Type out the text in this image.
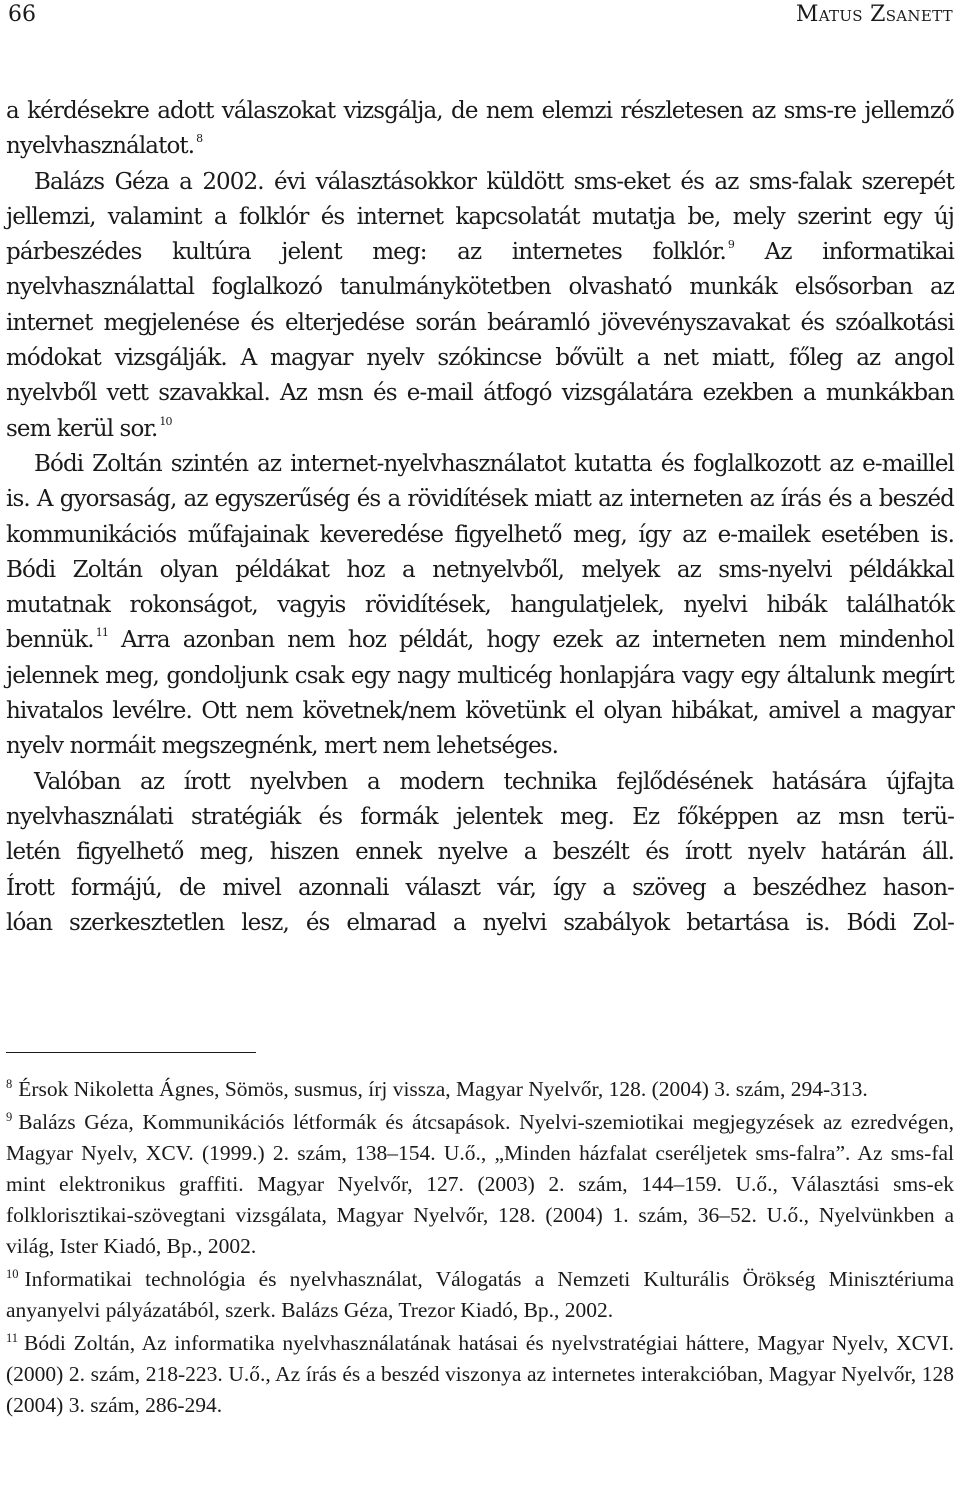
66	Matus Zsanett

a kérdésekre adott válaszokat vizsgálja, de nem elemzi részletesen az sms-re jellemző nyelvhasználatot. $^8$

Balázs Géza a 2002. évi választásokkor küldött sms-eket és az sms-falak szerepét jellemzi, valamint a folklór és internet kapcsolatát mutatja be, mely szerint egy új párbeszédes kultúra jelent meg: az internetes folklór. $^9$ Az informatikai nyelvhasználattal foglalkozó tanulmánykötetben olvasható munkák elsősorban az internet megjelenése és elterjedése során beáramló jövevényszavakat és szóalkotási módokat vizsgálják. A magyar nyelv szókincse bővült a net miatt, főleg az angol nyelvből vett szavakkal. Az msn és e-mail átfogó vizsgálatára ezekben a munkákban sem kerül sor. $^{10}$

Bódi Zoltán szintén az internet-nyelvhasználatot kutatta és foglalkozott az e-maillel is. A gyorsaság, az egyszerűség és a rövidítések miatt az interneten az írás és a beszéd kommunikációs műfajainak keveredése figyelhető meg, így az e-mailek esetében is. Bódi Zoltán olyan példákat hoz a netnyelvből, melyek az sms-nyelvi példákkal mutatnak rokonságot, vagyis rövidítések, hangulatjelek, nyelvi hibák találhatók bennük. $^{11}$ Arra azonban nem hoz példát, hogy ezek az interneten nem mindenhol jelennek meg, gondoljunk csak egy nagy multicég honlapjára vagy egy általunk megírt hivatalos levélre. Ott nem követnek/nem követünk el olyan hibákat, amivel a magyar nyelv normáit megszegnénk, mert nem lehetséges.

Valóban az írott nyelvben a modern technika fejlődésének hatására újfajta
nyelvhasználati stratégiák és formák jelentek meg. Ez főképpen az msn terü-
letén figyelhető meg, hiszen ennek nyelve a beszélt és írott nyelv határán áll.
Írott formájú, de mivel azonnali választ vár, így a szöveg a beszédhez hason-
lóan szerkesztetlen lesz, és elmarad a nyelvi szabályok betartása is. Bódi Zol-

$^8$ Érsok Nikoletta Ágnes, Sömös, susmus, írj vissza, Magyar Nyelvőr, 128. (2004) 3. szám, 294-313.

$^9$ Balázs Géza, Kommunikációs létformák és átcsapások. Nyelvi-szemiotikai megjegyzések az ezredvégen, Magyar Nyelv, XCV. (1999.) 2. szám, 138–154. U.ő., „Minden házfalat cseréljetek sms-falra”. Az sms-fal mint elektronikus graffiti. Magyar Nyelvőr, 127. (2003) 2. szám, 144–159. U.ő., Választási sms-ek folklorisztikai-szövegtani vizsgálata, Magyar Nyelvőr, 128. (2004) 1. szám, 36–52. U.ő., Nyelvünkben a világ, Ister Kiadó, Bp., 2002.

$^{10}$ Informatikai technológia és nyelvhasználat, Válogatás a Nemzeti Kulturális Örökség Minisztériuma anyanyelvi pályázatából, szerk. Balázs Géza, Trezor Kiadó, Bp., 2002.

$^{11}$ Bódi Zoltán, Az informatika nyelvhasználatának hatásai és nyelvstratégiai háttere, Magyar Nyelv, XCVI. (2000) 2. szám, 218-223. U.ő., Az írás és a beszéd viszonya az internetes interakcióban, Magyar Nyelvőr, 128 (2004) 3. szám, 286-294.
